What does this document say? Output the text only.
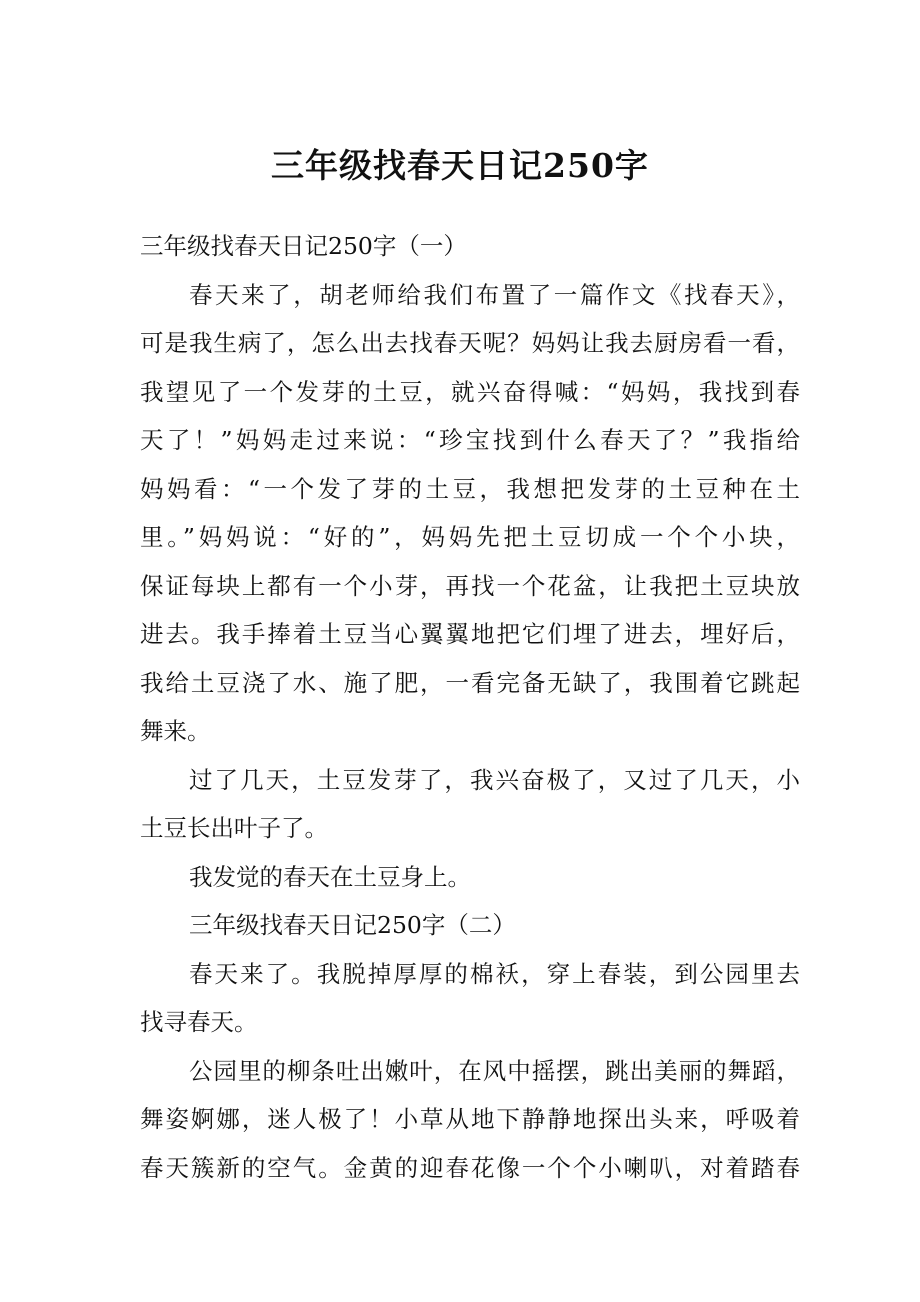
三年级找春天日记250字
三年级找春天日记250字（一）
春天来了，胡老师给我们布置了一篇作文《找春天》，
可是我生病了，怎么出去找春天呢？妈妈让我去厨房看一看，
我望见了一个发芽的土豆，就兴奋得喊：“妈妈，我找到春
天了！”妈妈走过来说：“珍宝找到什么春天了？”我指给
妈妈看：“一个发了芽的土豆，我想把发芽的土豆种在土
里。”妈妈说：“好的”，妈妈先把土豆切成一个个小块，
保证每块上都有一个小芽，再找一个花盆，让我把土豆块放
进去。我手捧着土豆当心翼翼地把它们埋了进去，埋好后，
我给土豆浇了水、施了肥，一看完备无缺了，我围着它跳起
舞来。
过了几天，土豆发芽了，我兴奋极了，又过了几天，小
土豆长出叶子了。
我发觉的春天在土豆身上。
三年级找春天日记250字（二）
春天来了。我脱掉厚厚的棉袄，穿上春装，到公园里去
找寻春天。
公园里的柳条吐出嫩叶，在风中摇摆，跳出美丽的舞蹈，
舞姿婀娜，迷人极了！小草从地下静静地探出头来，呼吸着
春天簇新的空气。金黄的迎春花像一个个小喇叭，对着踏春
